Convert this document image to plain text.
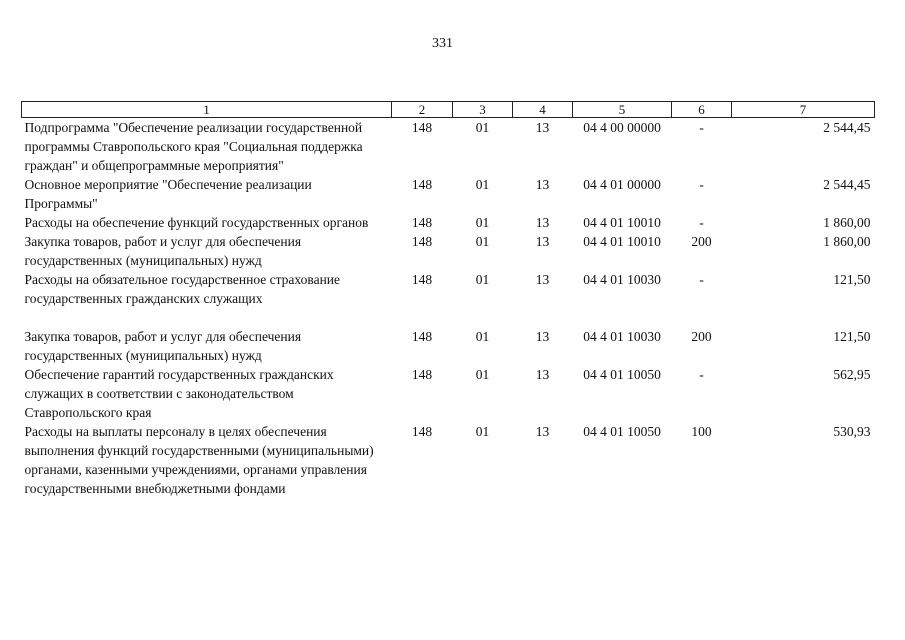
331
1	2	3	4	5	6	7
Подпрограмма "Обеспечение реализации государственной программы Ставропольского края "Социальная поддержка граждан" и общепрограммные мероприятия"	148	01	13	04 4 00 00000	-	2 544,45
Основное мероприятие "Обеспечение реализации Программы"	148	01	13	04 4 01 00000	-	2 544,45
Расходы на обеспечение функций государственных органов	148	01	13	04 4 01 10010	-	1 860,00
Закупка товаров, работ и услуг для обеспечения государственных (муниципальных) нужд	148	01	13	04 4 01 10010	200	1 860,00
Расходы на обязательное государственное страхование государственных гражданских служащих	148	01	13	04 4 01 10030	-	121,50

Закупка товаров, работ и услуг для обеспечения государственных (муниципальных) нужд	148	01	13	04 4 01 10030	200	121,50
Обеспечение гарантий государственных гражданских служащих в соответствии с законодательством Ставропольского края	148	01	13	04 4 01 10050	-	562,95
Расходы на выплаты персоналу в целях обеспечения выполнения функций государственными (муниципальными) органами, казенными учреждениями, органами управления государственными внебюджетными фондами	148	01	13	04 4 01 10050	100	530,93
